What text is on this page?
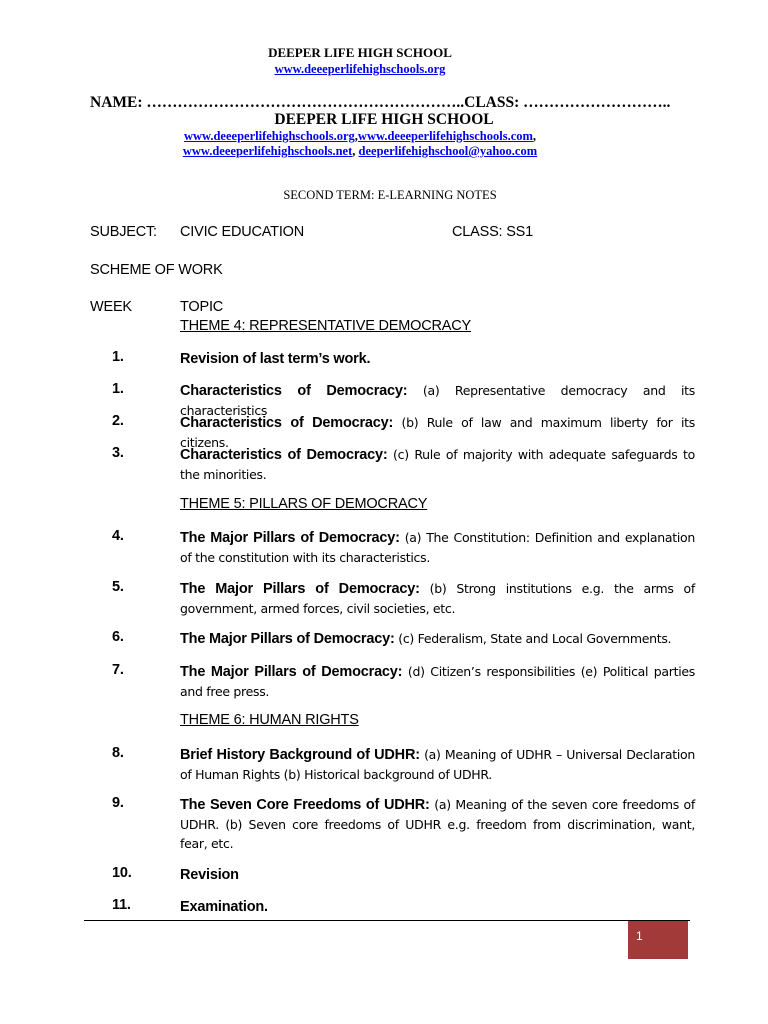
DEEPER LIFE HIGH SCHOOL
www.deeeperlifehighschools.org
NAME: ……………………………………………………..CLASS: ………………………..
DEEPER LIFE HIGH SCHOOL
www.deeeperlifehighschools.org,www.deeeperlifehighschools.com,
www.deeeperlifehighschools.net, deeperlifehighschool@yahoo.com
SECOND TERM: E-LEARNING NOTES
SUBJECT: CIVIC EDUCATION	CLASS: SS1
SCHEME OF WORK
WEEK	TOPIC
THEME 4: REPRESENTATIVE DEMOCRACY
THEME 5: PILLARS OF DEMOCRACY
THEME 6: HUMAN RIGHTS
1.	Revision of last term’s work.
1.	Characteristics of Democracy: (a) Representative democracy and its characteristics
2.	Characteristics of Democracy: (b) Rule of law and maximum liberty for its citizens.
3.	Characteristics of Democracy: (c) Rule of majority with adequate safeguards to the minorities.
4.	The Major Pillars of Democracy: (a) The Constitution: Definition and explanation of the constitution with its characteristics.
5.	The Major Pillars of Democracy: (b) Strong institutions e.g. the arms of government, armed forces, civil societies, etc.
6.	The Major Pillars of Democracy: (c) Federalism, State and Local Governments.
7.	The Major Pillars of Democracy: (d) Citizen’s responsibilities (e) Political parties and free press.
8.	Brief History Background of UDHR: (a) Meaning of UDHR – Universal Declaration of Human Rights (b) Historical background of UDHR.
9.	The Seven Core Freedoms of UDHR: (a) Meaning of the seven core freedoms of UDHR. (b) Seven core freedoms of UDHR e.g. freedom from discrimination, want, fear, etc.
10.	Revision
11.	Examination.
1
